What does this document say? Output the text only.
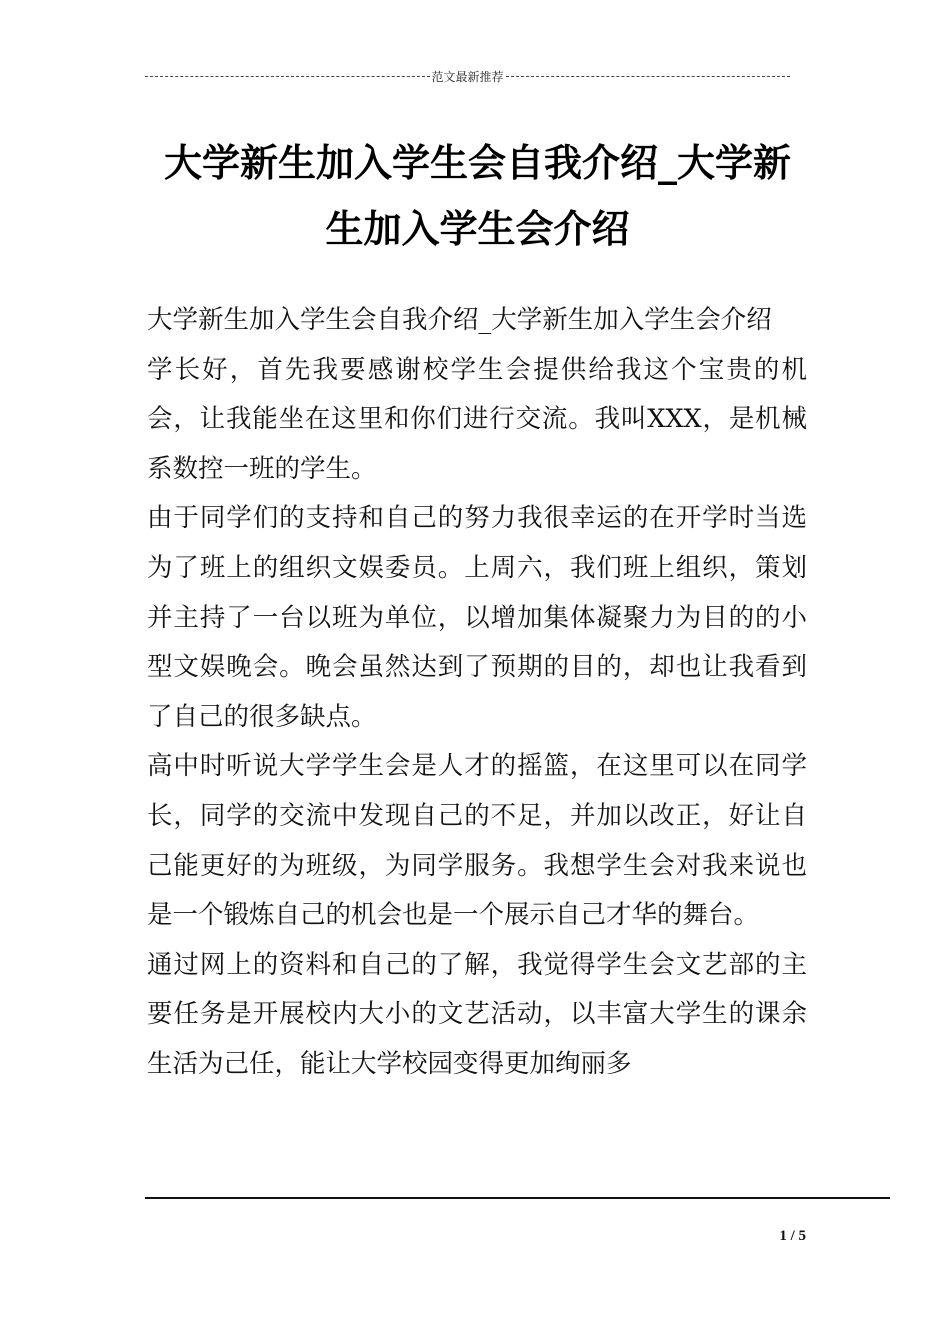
范文最新推荐
大学新生加入学生会自我介绍_大学新生加入学生会介绍

大学新生加入学生会自我介绍_大学新生加入学生会介绍

学长好，首先我要感谢校学生会提供给我这个宝贵的机会，让我能坐在这里和你们进行交流。我叫XXX，是机械系数控一班的学生。

由于同学们的支持和自己的努力我很幸运的在开学时当选为了班上的组织文娱委员。上周六，我们班上组织，策划并主持了一台以班为单位，以增加集体凝聚力为目的的小型文娱晚会。晚会虽然达到了预期的目的，却也让我看到了自己的很多缺点。

高中时听说大学学生会是人才的摇篮，在这里可以在同学长，同学的交流中发现自己的不足，并加以改正，好让自己能更好的为班级，为同学服务。我想学生会对我来说也是一个锻炼自己的机会也是一个展示自己才华的舞台。

通过网上的资料和自己的了解，我觉得学生会文艺部的主要任务是开展校内大小的文艺活动，以丰富大学生的课余生活为己任，能让大学校园变得更加绚丽多

1 / 5
